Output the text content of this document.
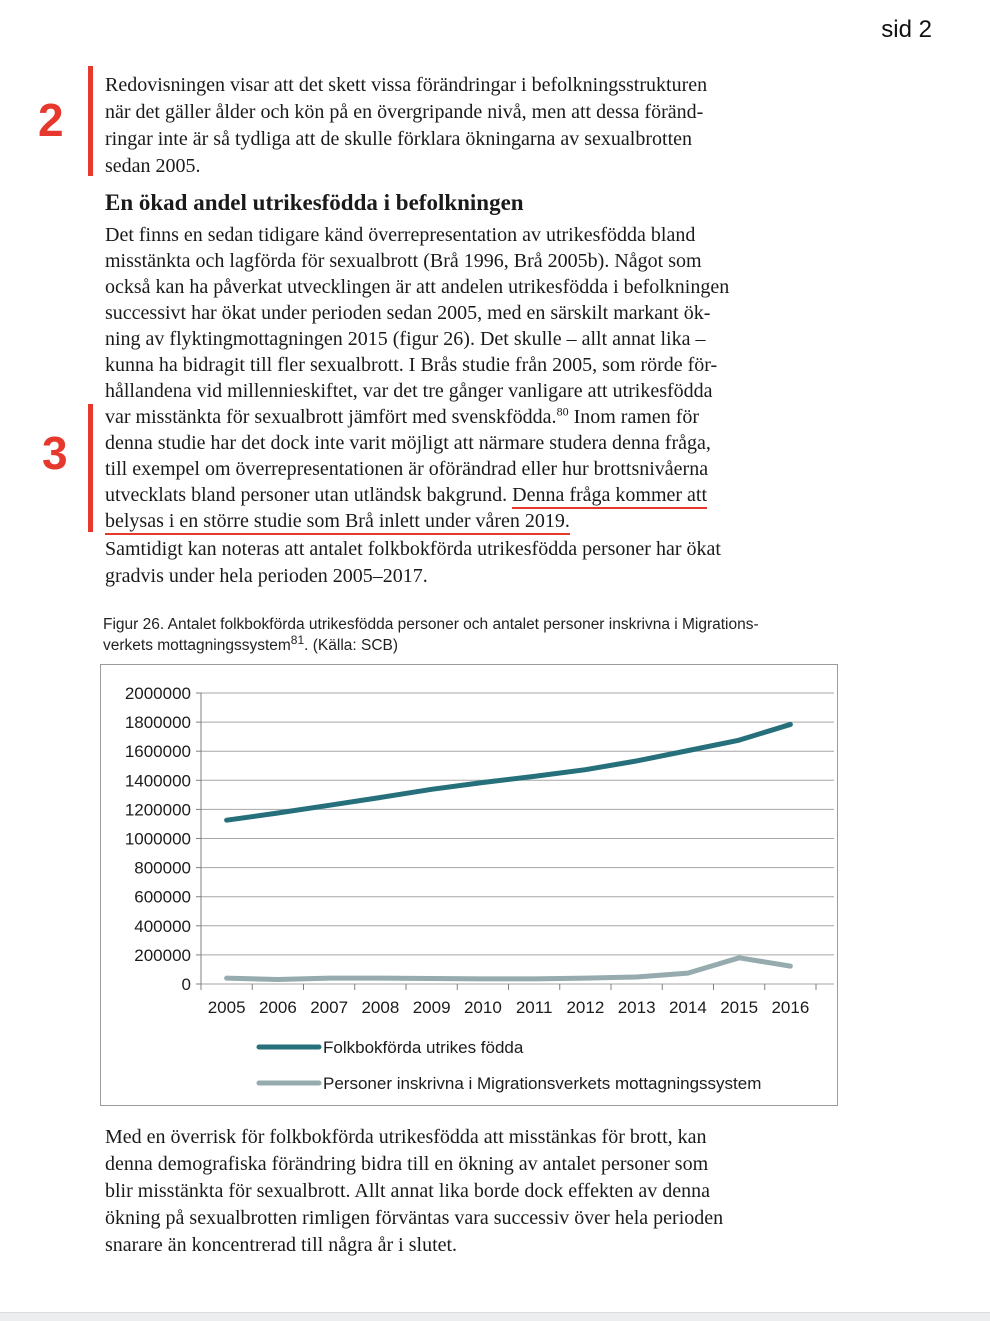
sid 2
2
Redovisningen visar att det skett vissa förändringar i befolkningsstrukturen
när det gäller ålder och kön på en övergripande nivå, men att dessa föränd-
ringar inte är så tydliga att de skulle förklara ökningarna av sexualbrotten
sedan 2005.
En ökad andel utrikesfödda i befolkningen
3
Det finns en sedan tidigare känd överrepresentation av utrikesfödda bland
misstänkta och lagförda för sexualbrott (Brå 1996, Brå 2005b). Något som
också kan ha påverkat utvecklingen är att andelen utrikesfödda i befolkningen
successivt har ökat under perioden sedan 2005, med en särskilt markant ök-
ning av flyktingmottagningen 2015 (figur 26). Det skulle – allt annat lika –
kunna ha bidragit till fler sexualbrott. I Brås studie från 2005, som rörde för-
hållandena vid millennieskiftet, var det tre gånger vanligare att utrikesfödda
var misstänkta för sexualbrott jämfört med svenskfödda.$^{80}$ Inom ramen för
denna studie har det dock inte varit möjligt att närmare studera denna fråga,
till exempel om överrepresentationen är oförändrad eller hur brottsnivåerna
utvecklats bland personer utan utländsk bakgrund. Denna fråga kommer att
belysas i en större studie som Brå inlett under våren 2019.
Samtidigt kan noteras att antalet folkbokförda utrikesfödda personer har ökat
gradvis under hela perioden 2005–2017.
Figur 26. Antalet folkbokförda utrikesfödda personer och antalet personer inskrivna i Migrations-
verkets mottagningssystem$^{81}$. (Källa: SCB)
0
200000
400000
600000
800000
1000000
1200000
1400000
1600000
1800000
2000000
2005 2006 2007 2008 2009 2010 2011 2012 2013 2014 2015 2016
Folkbokförda utrikes födda
Personer inskrivna i Migrationsverkets mottagningssystem
Med en överrisk för folkbokförda utrikesfödda att misstänkas för brott, kan
denna demografiska förändring bidra till en ökning av antalet personer som
blir misstänkta för sexualbrott. Allt annat lika borde dock effekten av denna
ökning på sexualbrotten rimligen förväntas vara successiv över hela perioden
snarare än koncentrerad till några år i slutet.
